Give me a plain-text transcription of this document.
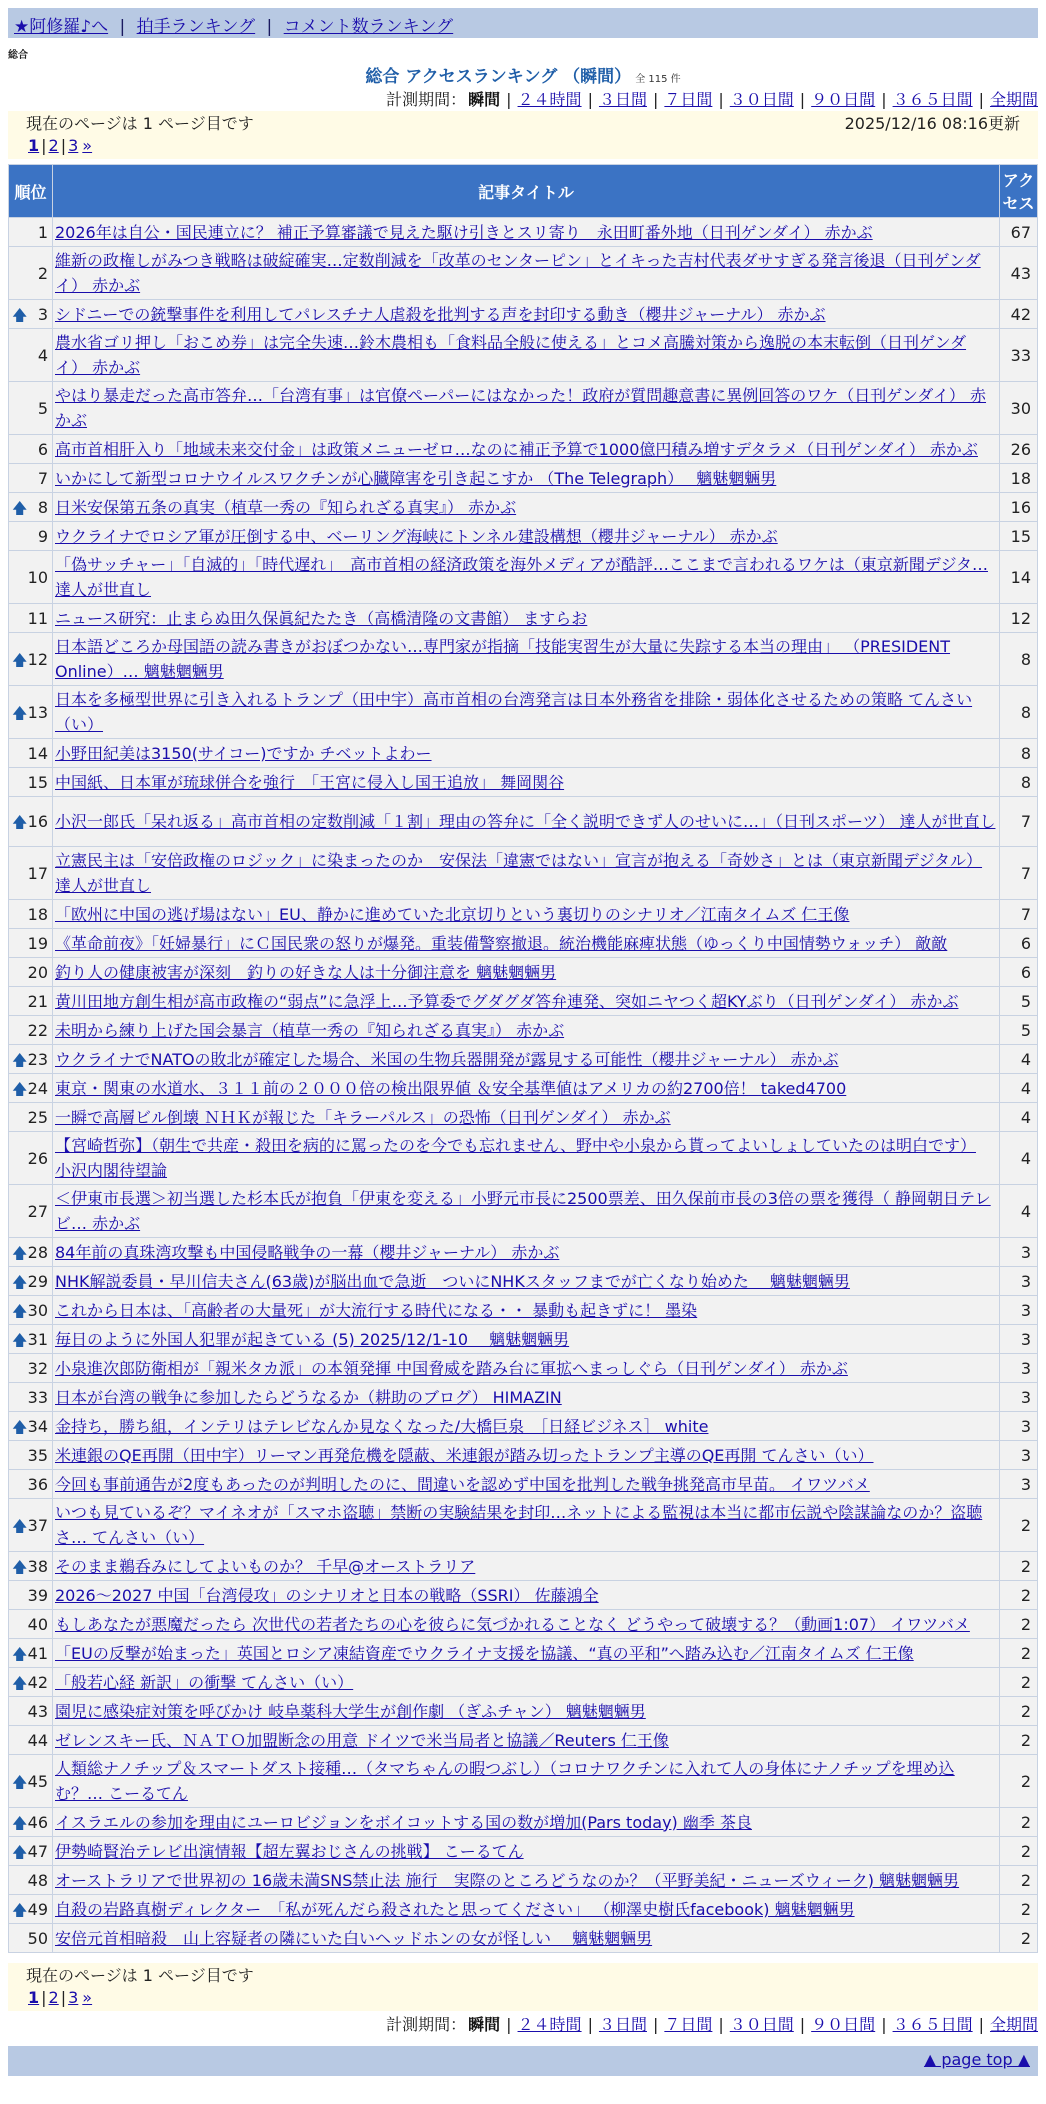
★阿修羅♪へ | 拍手ランキング | コメント数ランキング
総合
総合 アクセスランキング （瞬間） 全 115 件
計測期間： 瞬間 | ２４時間 | ３日間 | ７日間 | ３０日間 | ９０日間 | ３６５日間 | 全期間
現在のページは 1 ページ目です	2025/12/16 08:16更新
1 | 2 | 3 »
順位	記事タイトル	アクセス
1	2026年は自公・国民連立に？ 補正予算審議で見えた駆け引きとスリ寄り　永田町番外地（日刊ゲンダイ） 赤かぶ	67
2	維新の政権しがみつき戦略は破綻確実…定数削減を「改革のセンターピン」とイキった吉村代表ダサすぎる発言後退（日刊ゲンダイ） 赤かぶ	43

🡅 3	シドニーでの銃撃事件を利用してパレスチナ人虐殺を批判する声を封印する動き（櫻井ジャーナル） 赤かぶ	42
4	農水省ゴリ押し「おこめ券」は完全失速…鈴木農相も「食料品全般に使える」とコメ高騰対策から逸脱の本末転倒（日刊ゲンダイ） 赤かぶ	33
5	やはり暴走だった高市答弁…「台湾有事」は官僚ペーパーにはなかった！政府が質問趣意書に異例回答のワケ（日刊ゲンダイ） 赤かぶ	30
6	高市首相肝入り「地域未来交付金」は政策メニューゼロ…なのに補正予算で1000億円積み増すデタラメ（日刊ゲンダイ） 赤かぶ	26
7	いかにして新型コロナウイルスワクチンが心臓障害を引き起こすか （The Telegraph）　 魑魅魍魎男	18

🡅 8	日米安保第五条の真実（植草一秀の『知られざる真実』） 赤かぶ	16
9	ウクライナでロシア軍が圧倒する中、ベーリング海峡にトンネル建設構想（櫻井ジャーナル） 赤かぶ	15
10	「偽サッチャー」「自滅的」「時代遅れ」　高市首相の経済政策を海外メディアが酷評…ここまで言われるワケは（東京新聞デジタ… 達人が世直し	14
11	ニュース研究：止まらぬ田久保眞紀たたき（高橋清隆の文書館） ますらお	12

🡅 12	日本語どころか母国語の読み書きがおぼつかない…専門家が指摘「技能実習生が大量に失踪する本当の理由」 （PRESIDENT Online）… 魑魅魍魎男	8

🡅 13	日本を多極型世界に引き入れるトランプ（田中宇）高市首相の台湾発言は日本外務省を排除・弱体化させるための策略 てんさい（い）	8
14	小野田紀美は3150(サイコー)ですか チベットよわー	8
15	中国紙、日本軍が琉球併合を強行　「王宮に侵入し国王追放」 舞岡関谷	8

🡅 16	小沢一郎氏「呆れ返る」高市首相の定数削減「１割」理由の答弁に「全く説明できず人のせいに…」（日刊スポーツ） 達人が世直し	7
17	立憲民主は「安倍政権のロジック」に染まったのか　安保法「違憲ではない」宣言が抱える「奇妙さ」とは（東京新聞デジタル） 達人が世直し	7
18	「欧州に中国の逃げ場はない」EU、静かに進めていた北京切りという裏切りのシナリオ／江南タイムズ 仁王像	7
19	《革命前夜》「妊婦暴行」にＣ国民衆の怒りが爆発。重装備警察撤退。統治機能麻痺状態（ゆっくり中国情勢ウォッチ） 敵敵	6
20	釣り人の健康被害が深刻　釣りの好きな人は十分御注意を 魑魅魍魎男	6
21	黄川田地方創生相が高市政権の“弱点”に急浮上…予算委でグダグダ答弁連発、突如ニヤつく超KYぶり（日刊ゲンダイ） 赤かぶ	5
22	未明から練り上げた国会暴言（植草一秀の『知られざる真実』） 赤かぶ	5

🡅 23	ウクライナでNATOの敗北が確定した場合、米国の生物兵器開発が露見する可能性（櫻井ジャーナル） 赤かぶ	4

🡅 24	東京・関東の水道水、３１１前の２０００倍の検出限界値 ＆安全基準値はアメリカの約2700倍！ taked4700	4
25	一瞬で高層ビル倒壊 ＮＨＫが報じた「キラーパルス」の恐怖（日刊ゲンダイ） 赤かぶ	4
26	【宮崎哲弥】（朝生で共産・殺田を病的に罵ったのを今でも忘れません、野中や小泉から貰ってよいしょしていたのは明白です） 小沢内閣待望論	4
27	＜伊東市長選＞初当選した杉本氏が抱負「伊東を変える」小野元市長に2500票差、田久保前市長の3倍の票を獲得（ 静岡朝日テレビ… 赤かぶ	4

🡅 28	84年前の真珠湾攻撃も中国侵略戦争の一幕（櫻井ジャーナル） 赤かぶ	3

🡅 29	NHK解説委員・早川信夫さん(63歳)が脳出血で急逝　ついにNHKスタッフまでが亡くなり始めた　 魑魅魍魎男	3

🡅 30	これから日本は、「高齢者の大量死」が大流行する時代になる・・ 暴動も起きずに！ 墨染	3

🡅 31	毎日のように外国人犯罪が起きている (5) 2025/12/1-10　 魑魅魍魎男	3
32	小泉進次郎防衛相が「親米タカ派」の本領発揮 中国脅威を踏み台に軍拡へまっしぐら（日刊ゲンダイ） 赤かぶ	3
33	日本が台湾の戦争に参加したらどうなるか（耕助のブログ） HIMAZIN	3

🡅 34	金持ち，勝ち組，インテリはテレビなんか見なくなった/大橋巨泉　［日経ビジネス］ white	3
35	米連銀のQE再開（田中宇）リーマン再発危機を隠蔽、米連銀が踏み切ったトランプ主導のQE再開 てんさい（い）	3
36	今回も事前通告が2度もあったのが判明したのに、間違いを認めず中国を批判した戦争挑発高市早苗。 イワツバメ	3

🡅 37	いつも見ているぞ？マイネオが「スマホ盗聴」禁断の実験結果を封印…ネットによる監視は本当に都市伝説や陰謀論なのか？盗聴さ… てんさい（い）	2

🡅 38	そのまま鵜呑みにしてよいものか？ 千早@オーストラリア	2
39	2026～2027 中国「台湾侵攻」のシナリオと日本の戦略（SSRI） 佐藤鴻全	2
40	もしあなたが悪魔だったら 次世代の若者たちの心を彼らに気づかれることなく どうやって破壊する？（動画1:07） イワツバメ	2

🡅 41	「EUの反撃が始まった」英国とロシア凍結資産でウクライナ支援を協議、“真の平和”へ踏み込む／江南タイムズ 仁王像	2

🡅 42	「般若心経 新訳」の衝撃 てんさい（い）	2
43	園児に感染症対策を呼びかけ 岐阜薬科大学生が創作劇 （ぎふチャン） 魑魅魍魎男	2
44	ゼレンスキー氏、ＮＡＴＯ加盟断念の用意 ドイツで米当局者と協議／Reuters 仁王像	2

🡅 45	人類総ナノチップ＆スマートダスト接種…（タマちゃんの暇つぶし）（コロナワクチンに入れて人の身体にナノチップを埋め込む？… こーるてん	2

🡅 46	イスラエルの参加を理由にユーロビジョンをボイコットする国の数が増加(Pars today) 幽季 茶良	2

🡅 47	伊勢崎賢治テレビ出演情報【超左翼おじさんの挑戦】 こーるてん	2
48	オーストラリアで世界初の 16歳未満SNS禁止法 施行　実際のところどうなのか？（平野美紀・ニューズウィーク) 魑魅魍魎男	2

🡅 49	自殺の岩路真樹ディレクター　「私が死んだら殺されたと思ってください」 （柳澤史樹氏facebook) 魑魅魍魎男	2
50	安倍元首相暗殺　山上容疑者の隣にいた白いヘッドホンの女が怪しい　 魑魅魍魎男	2
現在のページは 1 ページ目です
1 | 2 | 3 »
計測期間： 瞬間 | ２４時間 | ３日間 | ７日間 | ３０日間 | ９０日間 | ３６５日間 | 全期間
▲ page top ▲
